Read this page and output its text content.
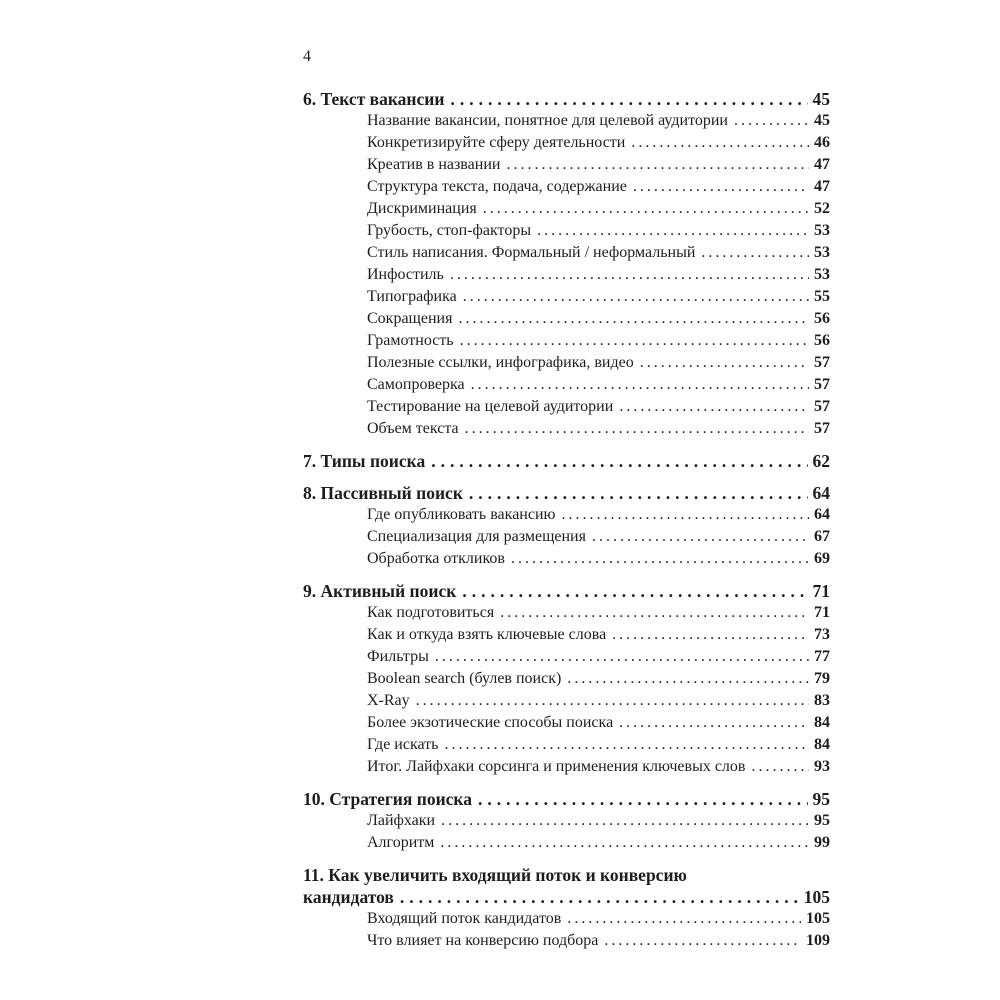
4
6. Текст вакансии .....	45
Название вакансии, понятное для целевой аудитории .....	45
Конкретизируйте сферу деятельности .....	46
Креатив в названии .....	47
Структура текста, подача, содержание .....	47
Дискриминация .....	52
Грубость, стоп-факторы .....	53
Стиль написания. Формальный / неформальный .....	53
Инфостиль .....	53
Типографика .....	55
Сокращения .....	56
Грамотность .....	56
Полезные ссылки, инфографика, видео .....	57
Самопроверка .....	57
Тестирование на целевой аудитории .....	57
Объем текста .....	57
7. Типы поиска .....	62
8. Пассивный поиск .....	64
Где опубликовать вакансию .....	64
Специализация для размещения .....	67
Обработка откликов .....	69
9. Активный поиск .....	71
Как подготовиться .....	71
Как и откуда взять ключевые слова .....	73
Фильтры .....	77
Boolean search (булев поиск) .....	79
X-Ray .....	83
Более экзотические способы поиска .....	84
Где искать .....	84
Итог. Лайфхаки сорсинга и применения ключевых слов .....	93
10. Стратегия поиска .....	95
Лайфхаки .....	95
Алгоритм .....	99
11. Как увеличить входящий поток и конверсию
кандидатов .....	105
Входящий поток кандидатов .....	105
Что влияет на конверсию подбора .....	109
